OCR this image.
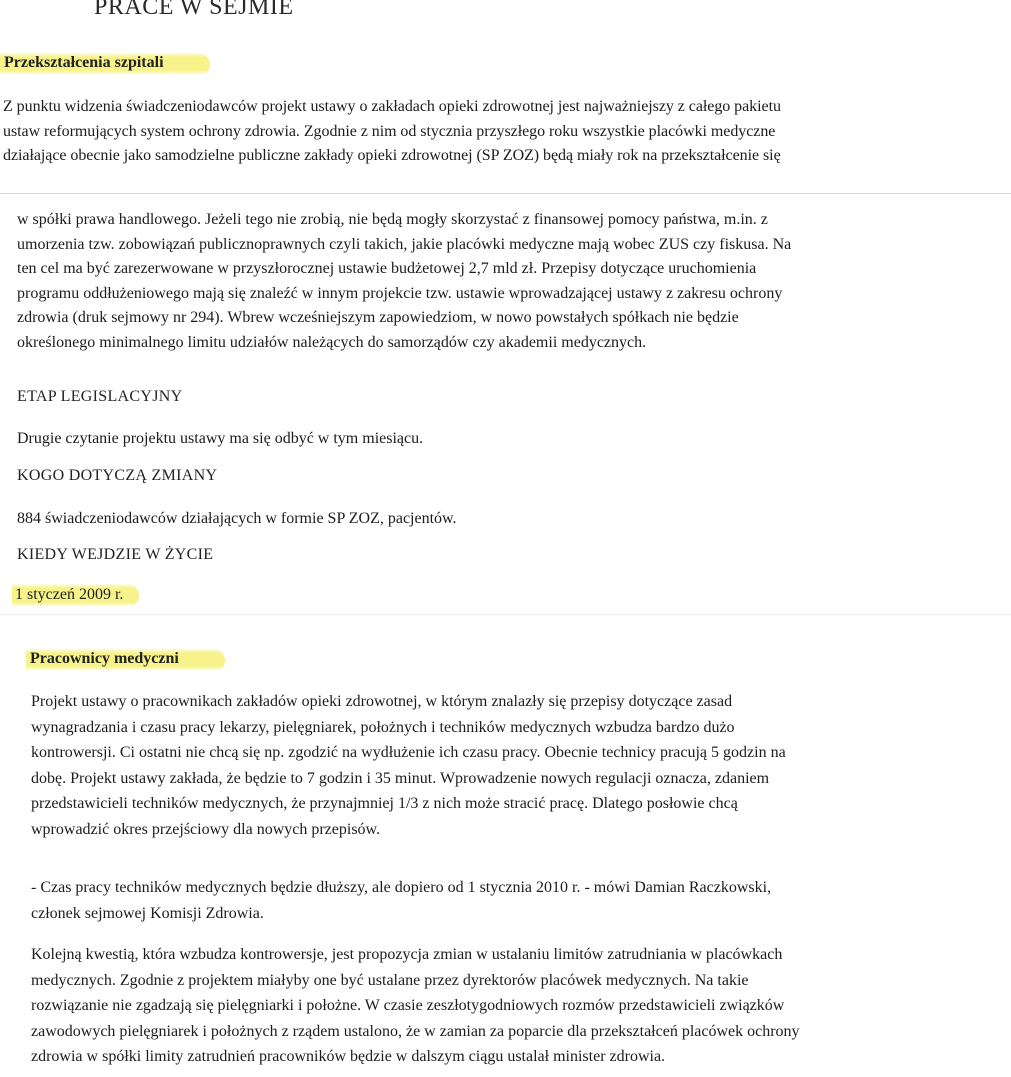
PRACE W SEJMIE
Przekształcenia szpitali
Z punktu widzenia świadczeniodawców projekt ustawy o zakładach opieki zdrowotnej jest najważniejszy z całego pakietu
ustaw reformujących system ochrony zdrowia. Zgodnie z nim od stycznia przyszłego roku wszystkie placówki medyczne
działające obecnie jako samodzielne publiczne zakłady opieki zdrowotnej (SP ZOZ) będą miały rok na przekształcenie się
w spółki prawa handlowego. Jeżeli tego nie zrobią, nie będą mogły skorzystać z finansowej pomocy państwa, m.in. z
umorzenia tzw. zobowiązań publicznoprawnych czyli takich, jakie placówki medyczne mają wobec ZUS czy fiskusa. Na
ten cel ma być zarezerwowane w przyszłorocznej ustawie budżetowej 2,7 mld zł. Przepisy dotyczące uruchomienia
programu oddłużeniowego mają się znaleźć w innym projekcie tzw. ustawie wprowadzającej ustawy z zakresu ochrony
zdrowia (druk sejmowy nr 294). Wbrew wcześniejszym zapowiedziom, w nowo powstałych spółkach nie będzie
określonego minimalnego limitu udziałów należących do samorządów czy akademii medycznych.

ETAP LEGISLACYJNY

Drugie czytanie projektu ustawy ma się odbyć w tym miesiącu.

KOGO DOTYCZĄ ZMIANY

884 świadczeniodawców działających w formie SP ZOZ, pacjentów.

KIEDY WEJDZIE W ŻYCIE

1 styczeń 2009 r.

Pracownicy medyczni
Projekt ustawy o pracownikach zakładów opieki zdrowotnej, w którym znalazły się przepisy dotyczące zasad
wynagradzania i czasu pracy lekarzy, pielęgniarek, położnych i techników medycznych wzbudza bardzo dużo
kontrowersji. Ci ostatni nie chcą się np. zgodzić na wydłużenie ich czasu pracy. Obecnie technicy pracują 5 godzin na
dobę. Projekt ustawy zakłada, że będzie to 7 godzin i 35 minut. Wprowadzenie nowych regulacji oznacza, zdaniem
przedstawicieli techników medycznych, że przynajmniej 1/3 z nich może stracić pracę. Dlatego posłowie chcą
wprowadzić okres przejściowy dla nowych przepisów.
- Czas pracy techników medycznych będzie dłuższy, ale dopiero od 1 stycznia 2010 r. - mówi Damian Raczkowski,
członek sejmowej Komisji Zdrowia.
Kolejną kwestią, która wzbudza kontrowersje, jest propozycja zmian w ustalaniu limitów zatrudniania w placówkach
medycznych. Zgodnie z projektem miałyby one być ustalane przez dyrektorów placówek medycznych. Na takie
rozwiązanie nie zgadzają się pielęgniarki i położne. W czasie zeszłotygodniowych rozmów przedstawicieli związków
zawodowych pielęgniarek i położnych z rządem ustalono, że w zamian za poparcie dla przekształceń placówek ochrony
zdrowia w spółki limity zatrudnień pracowników będzie w dalszym ciągu ustalał minister zdrowia.
